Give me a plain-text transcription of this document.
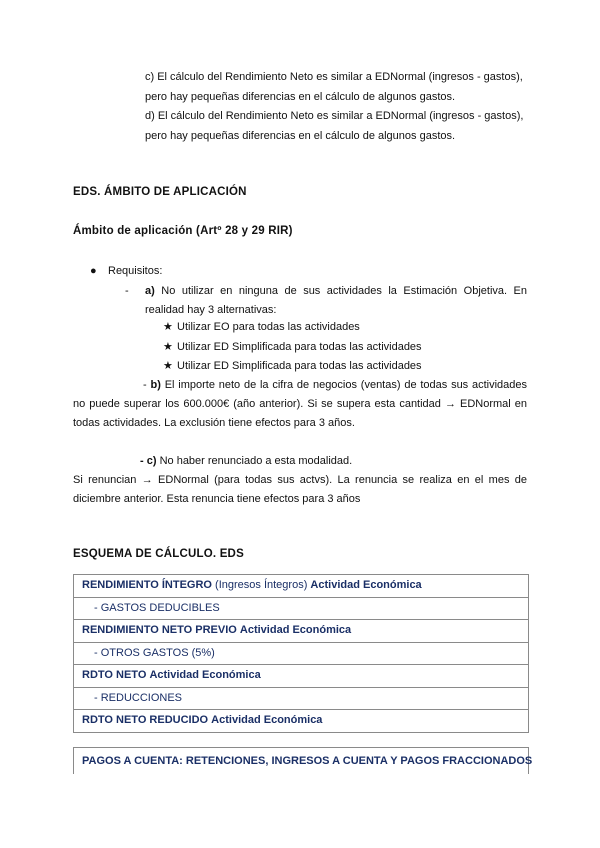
c) El cálculo del Rendimiento Neto es similar a EDNormal (ingresos - gastos),
pero hay pequeñas diferencias en el cálculo de algunos gastos.
d) El cálculo del Rendimiento Neto es similar a EDNormal (ingresos - gastos),
pero hay pequeñas diferencias en el cálculo de algunos gastos.
EDS. ÁMBITO DE APLICACIÓN
Ámbito de aplicación (Artº 28 y 29 RIR)
● Requisitos:
- a) No utilizar en ninguna de sus actividades la Estimación Objetiva. En realidad hay 3 alternativas:
★ Utilizar EO para todas las actividades
★ Utilizar ED Simplificada para todas las actividades
★ Utilizar ED Simplificada para todas las actividades
- b) El importe neto de la cifra de negocios (ventas) de todas sus actividades no puede superar los 600.000€ (año anterior). Si se supera esta cantidad → EDNormal en todas actividades. La exclusión tiene efectos para 3 años.
- c) No haber renunciado a esta modalidad.
Si renuncian → EDNormal (para todas sus actvs). La renuncia se realiza en el mes de diciembre anterior. Esta renuncia tiene efectos para 3 años
ESQUEMA DE CÁLCULO. EDS
RENDIMIENTO ÍNTEGRO (Ingresos Íntegros) Actividad Económica
- GASTOS DEDUCIBLES
RENDIMIENTO NETO PREVIO Actividad Económica
- OTROS GASTOS (5%)
RDTO NETO Actividad Económica
- REDUCCIONES
RDTO NETO REDUCIDO Actividad Económica
PAGOS A CUENTA: RETENCIONES, INGRESOS A CUENTA Y PAGOS FRACCIONADOS
